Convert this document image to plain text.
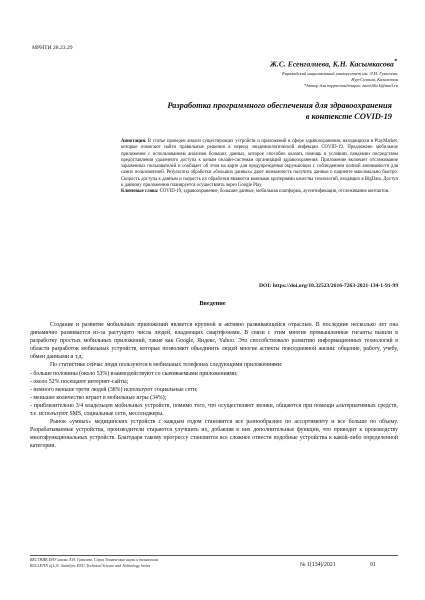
МРНТИ 28.23.29
Ж.С. Есенгалиева, К.Н. Касымкасова*
Евразийский национальный университет им. Л.Н. Гумилева,
Нур-Султан, Казахстан
*Автор для корреспонденции: zami18a.k@mail.ru
Разработка программного обеспечения для здравоохранения
в контексте COVID-19

Аннотация. В статье проведен анализ существующих устройств и приложений в сфере здравоохранения, находящихся в PlayMarket, которые помогают найти правильные решения в период эпидемиологической инфекции COVID-19. Предложено мобильное приложение с использованием анализов больших данных, которое способно оказать помощь в условиях пандемии посредством предоставления удаленного доступа к целым онлайн-системам организаций здравоохранения. Приложение включает отслеживание зараженных пользователей и сообщает об этом на карте для предупреждения окружающих с соблюдением полной анонимности для самих пользователей. Результаты обработки «больших данных» дают возможность получить данные о пациенте максимально быстро. Скорость доступа к данным и скорость их обработки являются важными критериями качества технологий, входящих в BigData. Доступ к данному приложению планируется осуществлять через Google Play.

Ключевые слова: COVID-19, здравоохранение, большие данные, мобильная платформа, аутентификация, отслеживание контактов.

DOI: https://doi.org/10.32523/2616-7263-2021-134-1-91-99
Введение

Создание и развитие мобильных приложений является крупной и активно развивающейся отраслью. В последние несколько лет она динамично развивается из-за растущего числа людей, владеющих смартфонами. В связи с этим многие промышленные гиганты вышли в разработку простых мобильных приложений, такие как Google, Яндекс, Yahoo. Это способствовало развитию информационных технологий в области разработок мобильных устройств, которые позволяют объединить людей многие аспекты повседневной жизни: общение, работу, учебу, обмен данными и т.д.

По статистике сейчас люди пользуются в мобильных телефонах следующими приложениями:

- больше половины (около 53%) взаимодействуют со скачиваемыми приложениями;

- около 52% посещают интернет-сайты;

- немного меньше трети людей (38%) используют социальные сети;

- меньшее количество играет в мобильные игры (34%);

- приблизительно 3/4 владельцев мобильных устройств, помимо того, что осуществляют звонки, общаются при помощи альтернативных средств, т.е. используют SMS, социальные сети, мессенджеры.

Рынок «умных» медицинских устройств с каждым годом становится все разнообразнее по ассортименту и все больше по объему. Разрабатываемые устройства, производители стараются улучшить их, добавляя в них дополнительные функции, что приводит к производству многофункциональных устройств. Благодаря такому прогрессу становится все сложнее отнести подобные устройства к какой-либо определенной категории.

ВЕСТНИК ЕНУ имени Л.Н. Гумилева. Серия Технические науки и технологии
BULLETIN of L.N. Gumilyov ENU. Technical Science and Technology Series	№ 1(134)/2021	91
